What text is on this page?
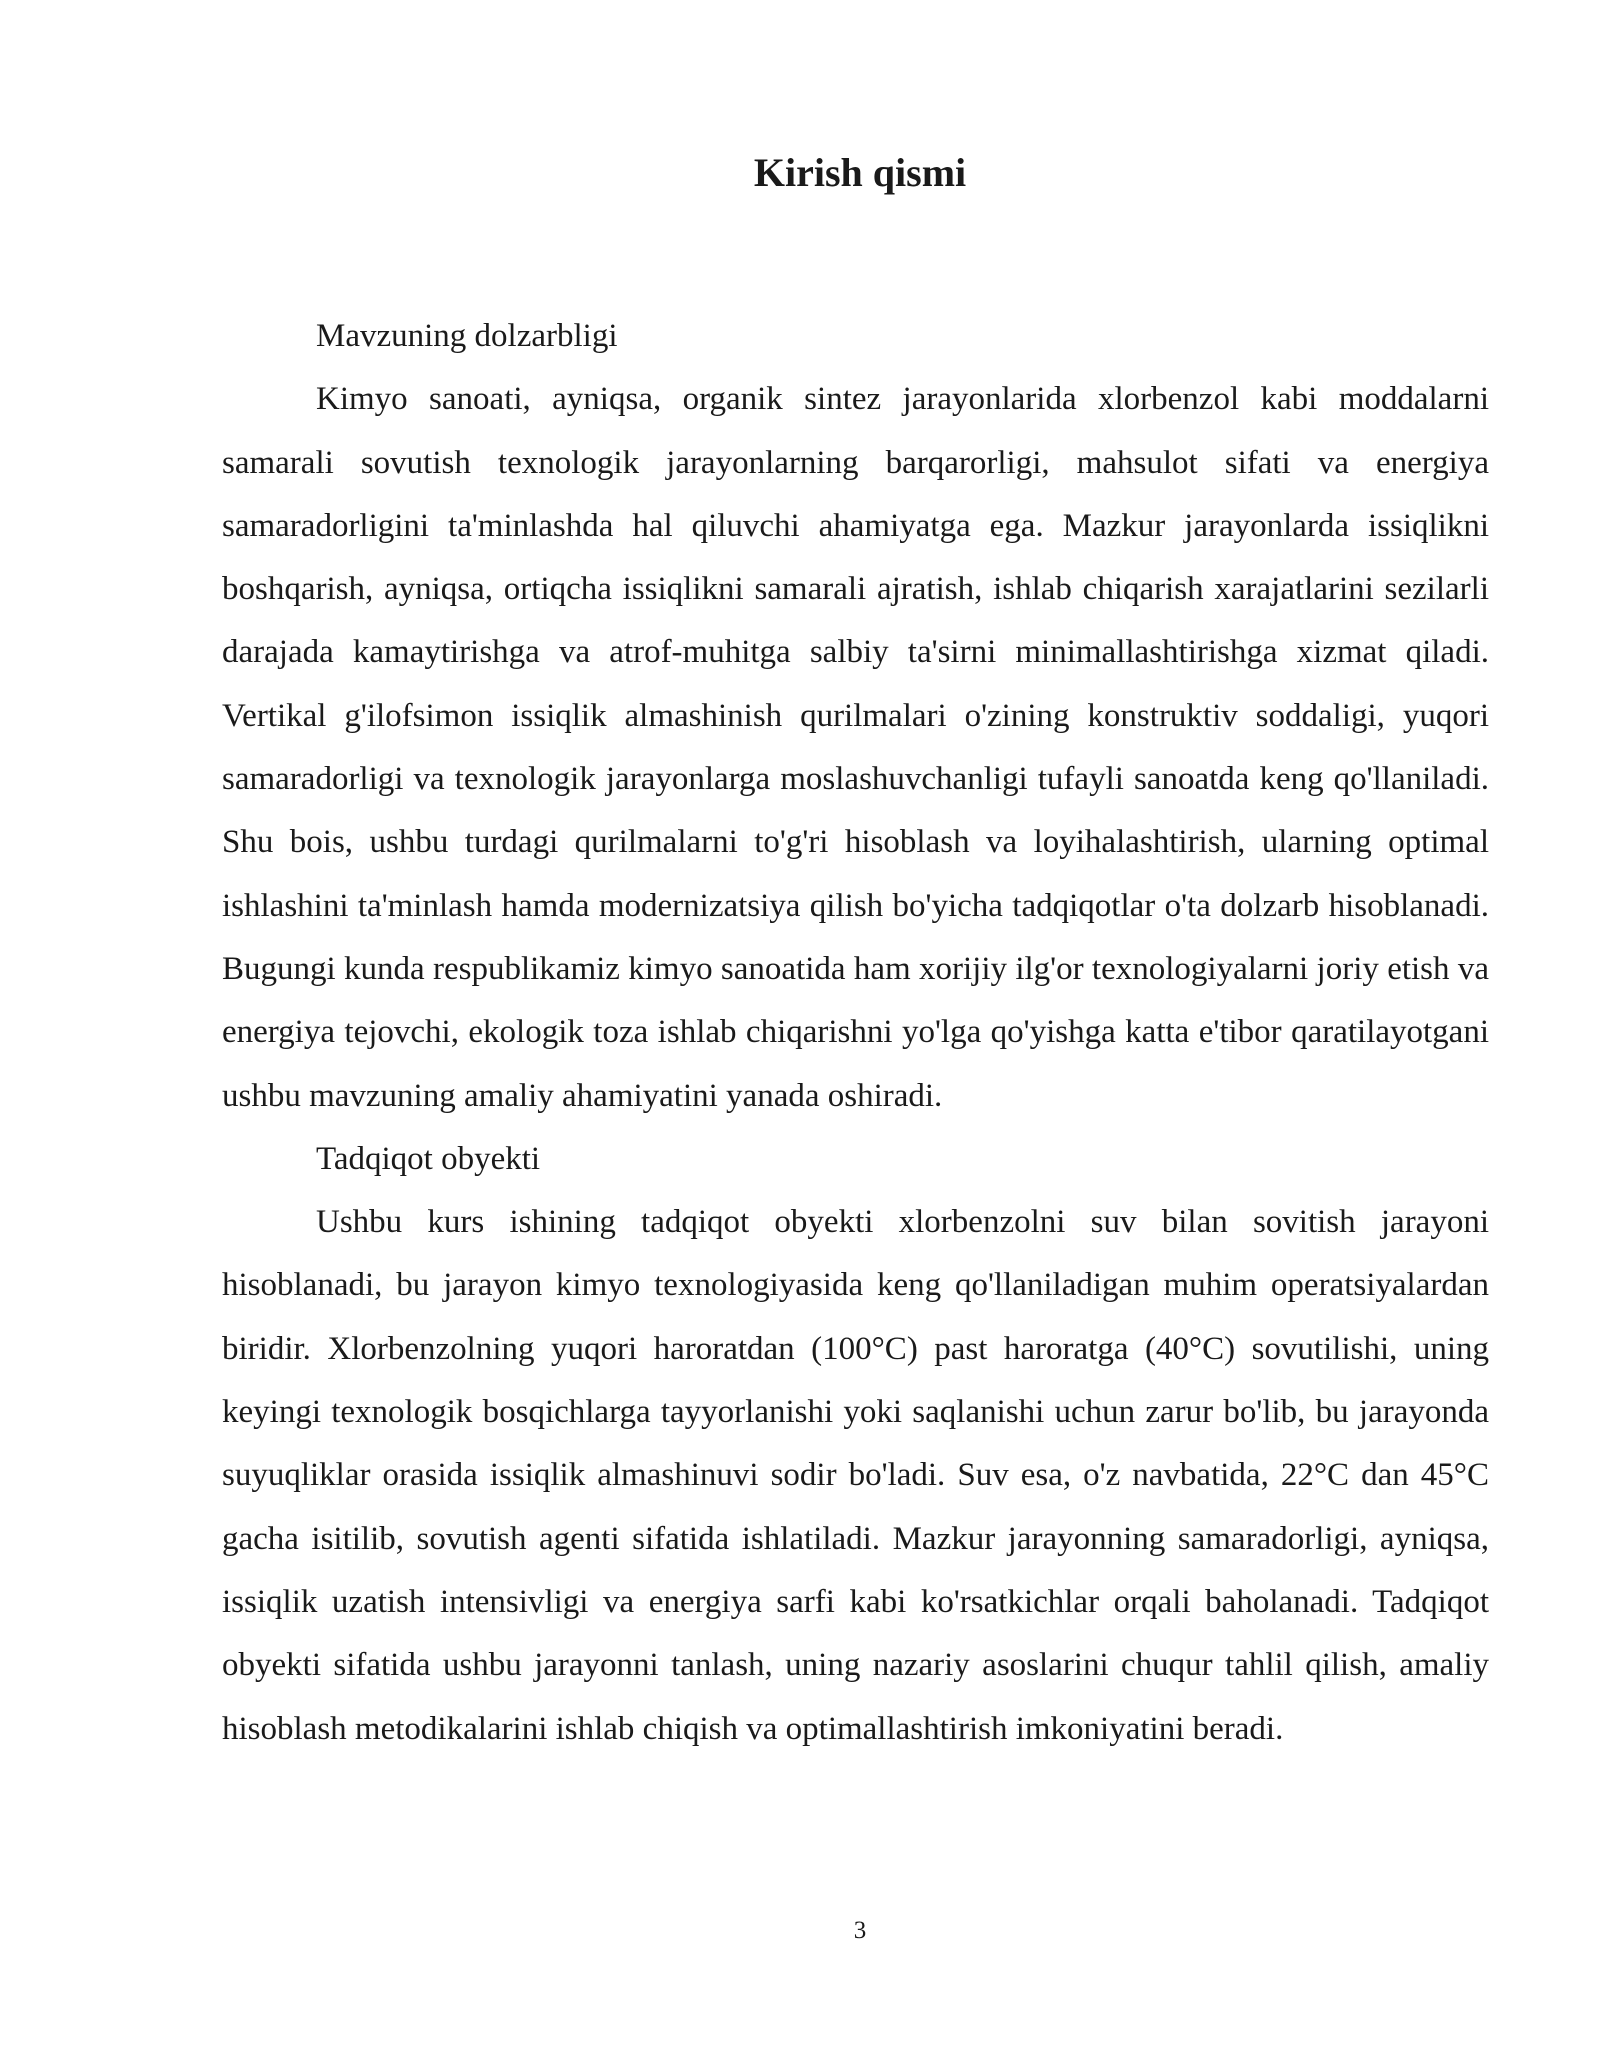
Kirish qismi

Mavzuning dolzarbligi

Kimyo sanoati, ayniqsa, organik sintez jarayonlarida xlorbenzol kabi moddalarni samarali sovutish texnologik jarayonlarning barqarorligi, mahsulot sifati va energiya samaradorligini ta'minlashda hal qiluvchi ahamiyatga ega. Mazkur jarayonlarda issiqlikni boshqarish, ayniqsa, ortiqcha issiqlikni samarali ajratish, ishlab chiqarish xarajatlarini sezilarli darajada kamaytirishga va atrof-muhitga salbiy ta'sirni minimallashtirishga xizmat qiladi. Vertikal g'ilofsimon issiqlik almashinish qurilmalari o'zining konstruktiv soddaligi, yuqori samaradorligi va texnologik jarayonlarga moslashuvchanligi tufayli sanoatda keng qo'llaniladi. Shu bois, ushbu turdagi qurilmalarni to'g'ri hisoblash va loyihalashtirish, ularning optimal ishlashini ta'minlash hamda modernizatsiya qilish bo'yicha tadqiqotlar o'ta dolzarb hisoblanadi. Bugungi kunda respublikamiz kimyo sanoatida ham xorijiy ilg'or texnologiyalarni joriy etish va energiya tejovchi, ekologik toza ishlab chiqarishni yo'lga qo'yishga katta e'tibor qaratilayotgani ushbu mavzuning amaliy ahamiyatini yanada oshiradi.

Tadqiqot obyekti

Ushbu kurs ishining tadqiqot obyekti xlorbenzolni suv bilan sovitish jarayoni hisoblanadi, bu jarayon kimyo texnologiyasida keng qo'llaniladigan muhim operatsiyalardan biridir. Xlorbenzolning yuqori haroratdan (100°C) past haroratga (40°C) sovutilishi, uning keyingi texnologik bosqichlarga tayyorlanishi yoki saqlanishi uchun zarur bo'lib, bu jarayonda suyuqliklar orasida issiqlik almashinuvi sodir bo'ladi. Suv esa, o'z navbatida, 22°C dan 45°C gacha isitilib, sovutish agenti sifatida ishlatiladi. Mazkur jarayonning samaradorligi, ayniqsa, issiqlik uzatish intensivligi va energiya sarfi kabi ko'rsatkichlar orqali baholanadi. Tadqiqot obyekti sifatida ushbu jarayonni tanlash, uning nazariy asoslarini chuqur tahlil qilish, amaliy hisoblash metodikalarini ishlab chiqish va optimallashtirish imkoniyatini beradi.

3
